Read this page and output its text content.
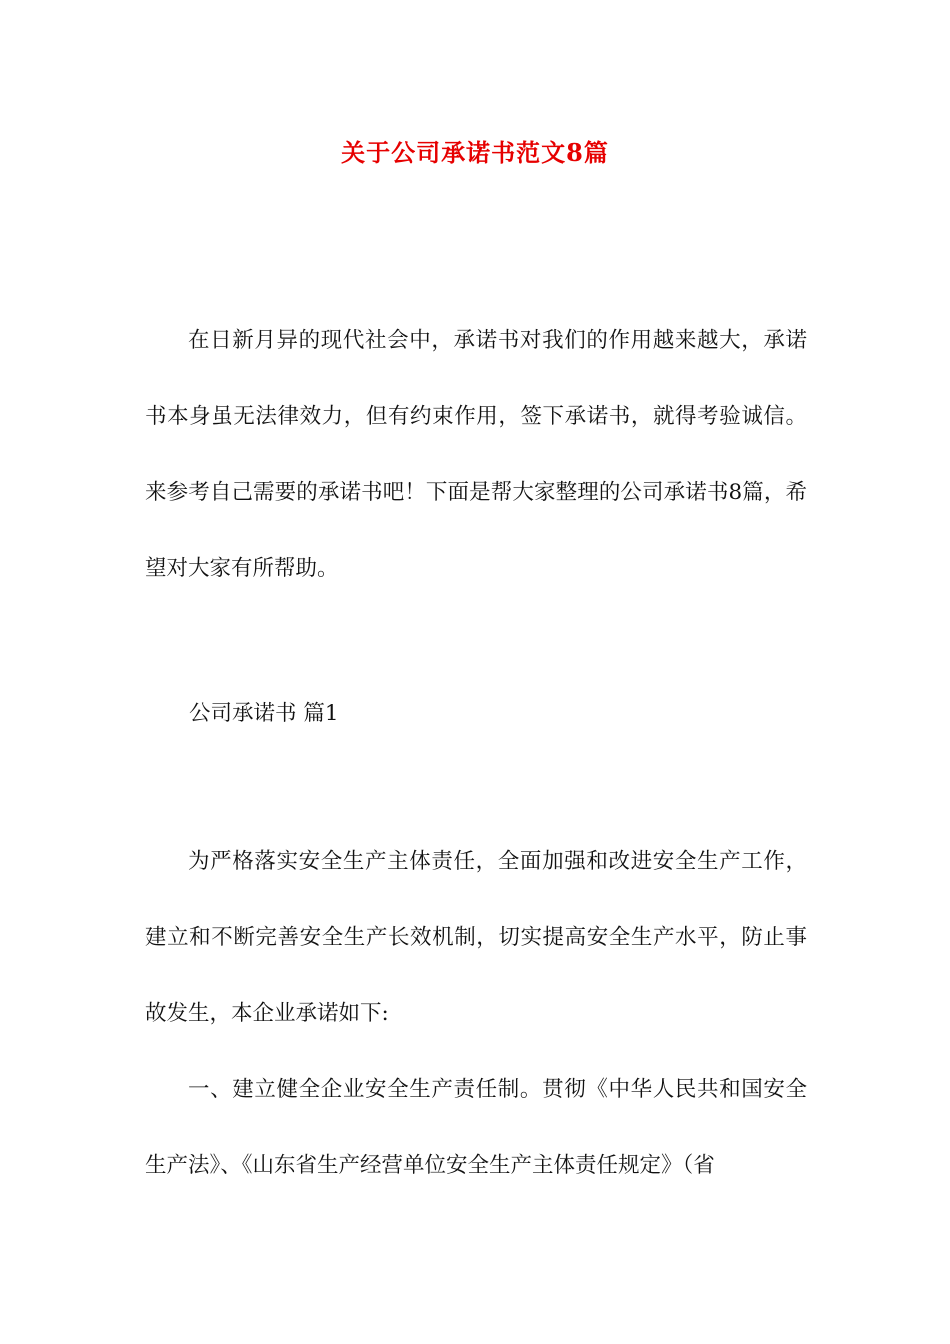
关于公司承诺书范文8篇
在日新月异的现代社会中，承诺书对我们的作用越来越大，承诺书本身虽无法律效力，但有约束作用，签下承诺书，就得考验诚信。来参考自己需要的承诺书吧！下面是帮大家整理的公司承诺书8篇，希望对大家有所帮助。
公司承诺书 篇1
为严格落实安全生产主体责任，全面加强和改进安全生产工作，建立和不断完善安全生产长效机制，切实提高安全生产水平，防止事故发生，本企业承诺如下:
一、建立健全企业安全生产责任制。贯彻《中华人民共和国安全生产法》、《山东省生产经营单位安全生产主体责任规定》（省
